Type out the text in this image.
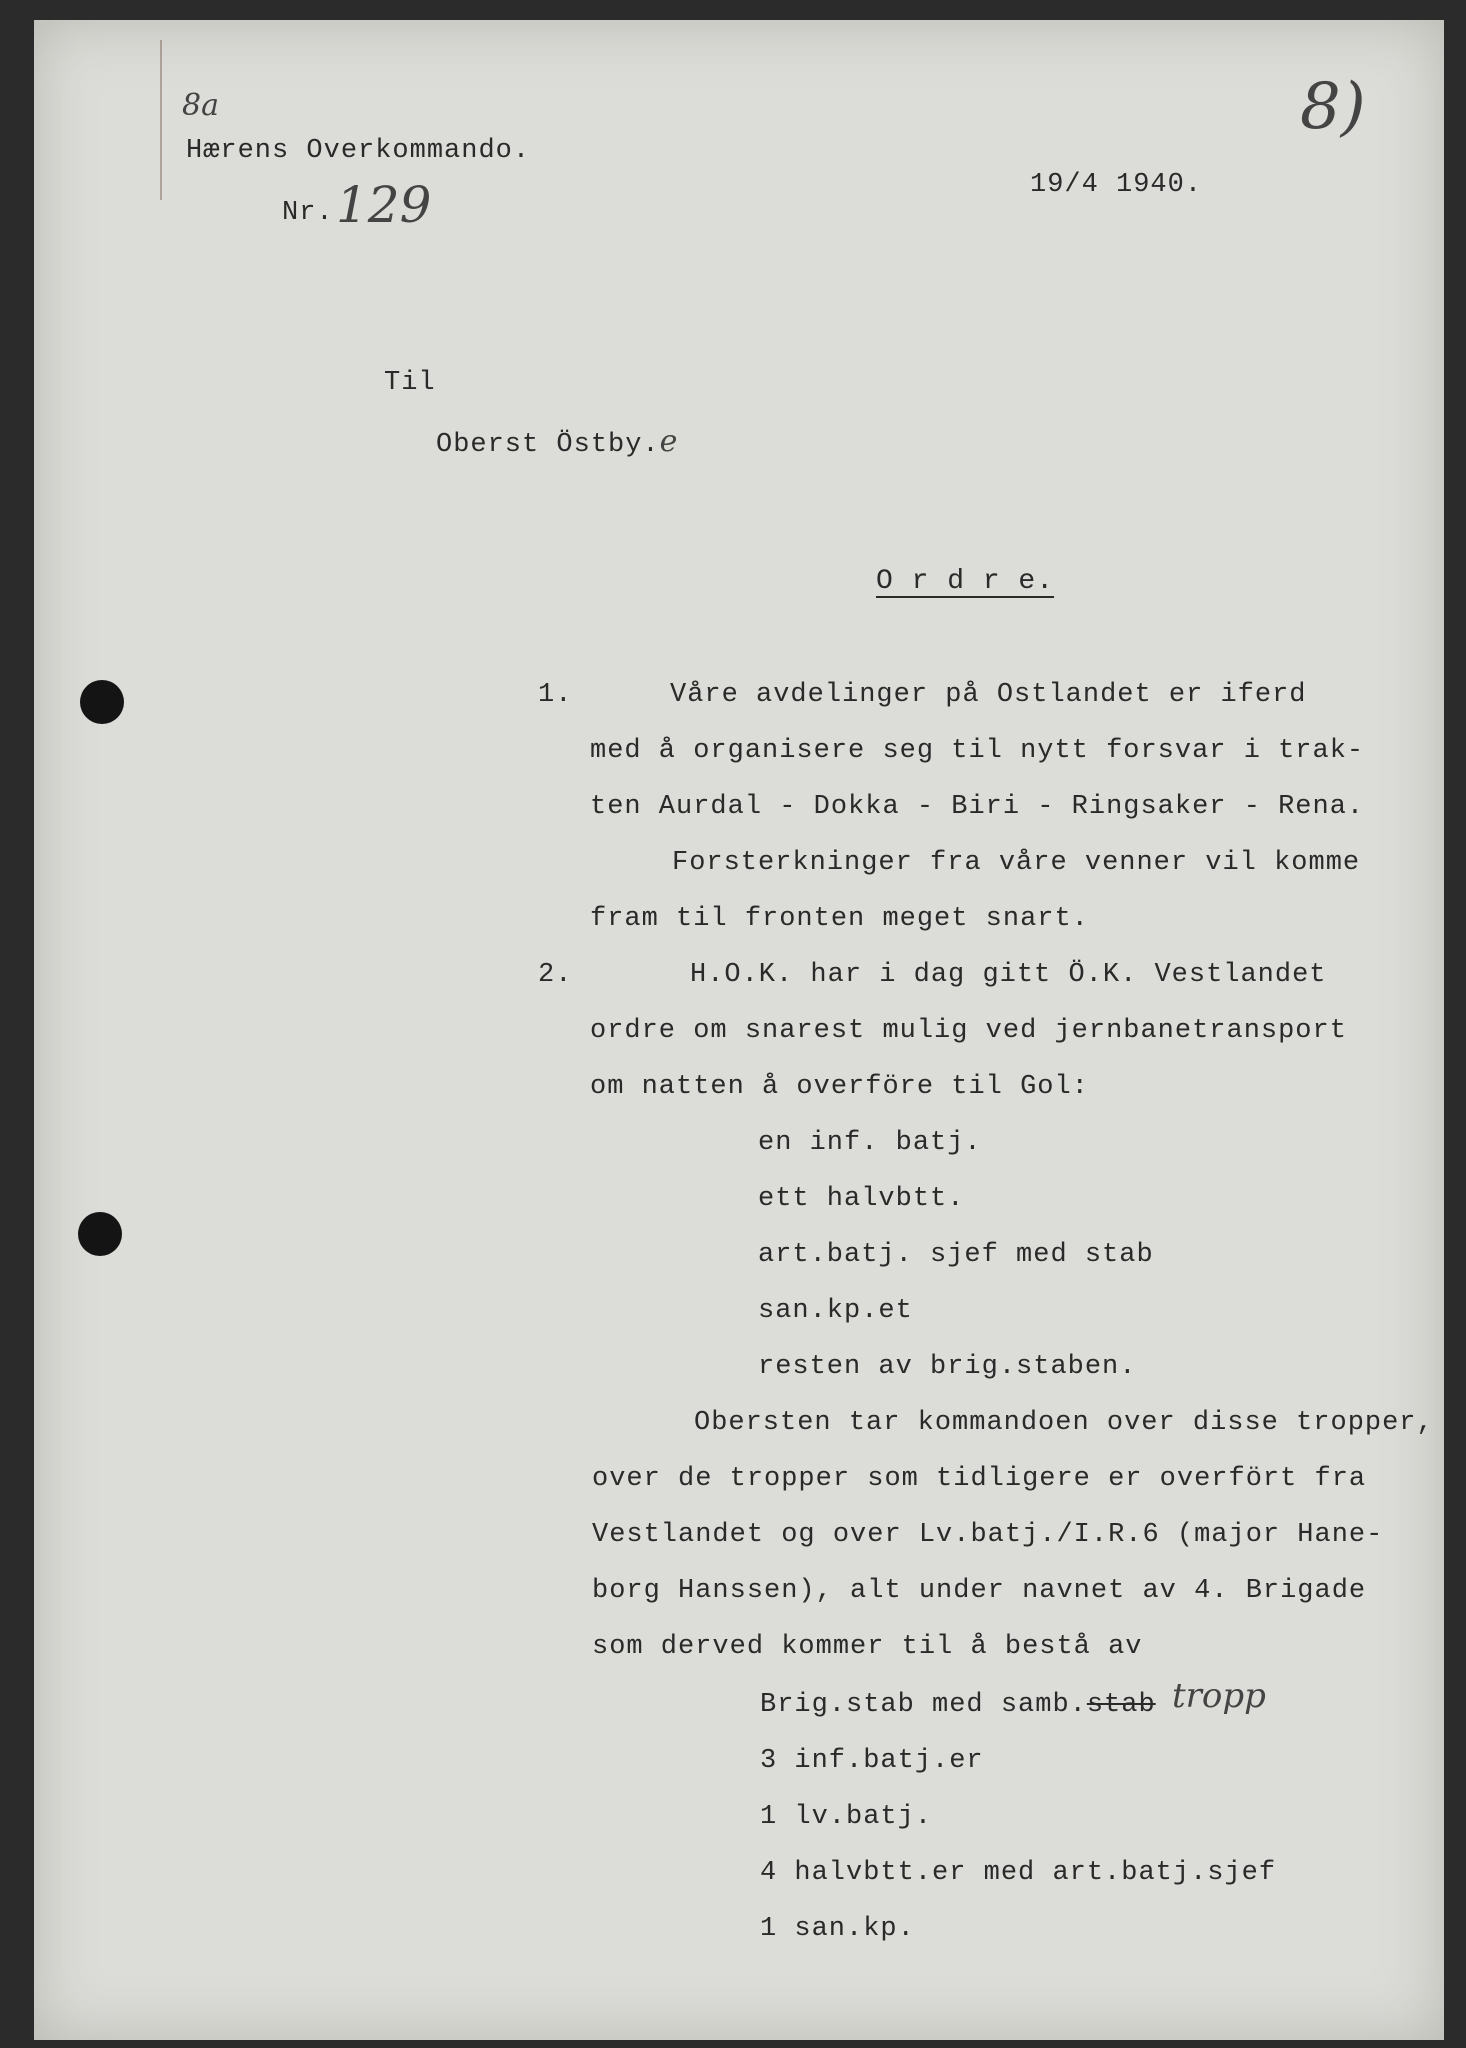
8a	8)
Hærens Overkommando.
Nr. 129	19/4 1940.
Til
Oberst Östby.e
O r d r e.
1.	Våre avdelinger på Ostlandet er iferd
med å organisere seg til nytt forsvar i trak-
ten Aurdal - Dokka - Biri - Ringsaker - Rena.
Forsterkninger fra våre venner vil komme
fram til fronten meget snart.
2.	H.O.K. har i dag gitt Ö.K. Vestlandet
ordre om snarest mulig ved jernbanetransport
om natten å overföre til Gol:
en inf. batj.
ett halvbtt.
art.batj. sjef med stab
san.kp.et
resten av brig.staben.
Obersten tar kommandoen over disse tropper,
over de tropper som tidligere er overfört fra
Vestlandet og over Lv.batj./I.R.6 (major Hane-
borg Hanssen), alt under navnet av 4. Brigade
som derved kommer til å bestå av
Brig.stab med samb.stab tropp
3 inf.batj.er
1 lv.batj.
4 halvbtt.er med art.batj.sjef
1 san.kp.
